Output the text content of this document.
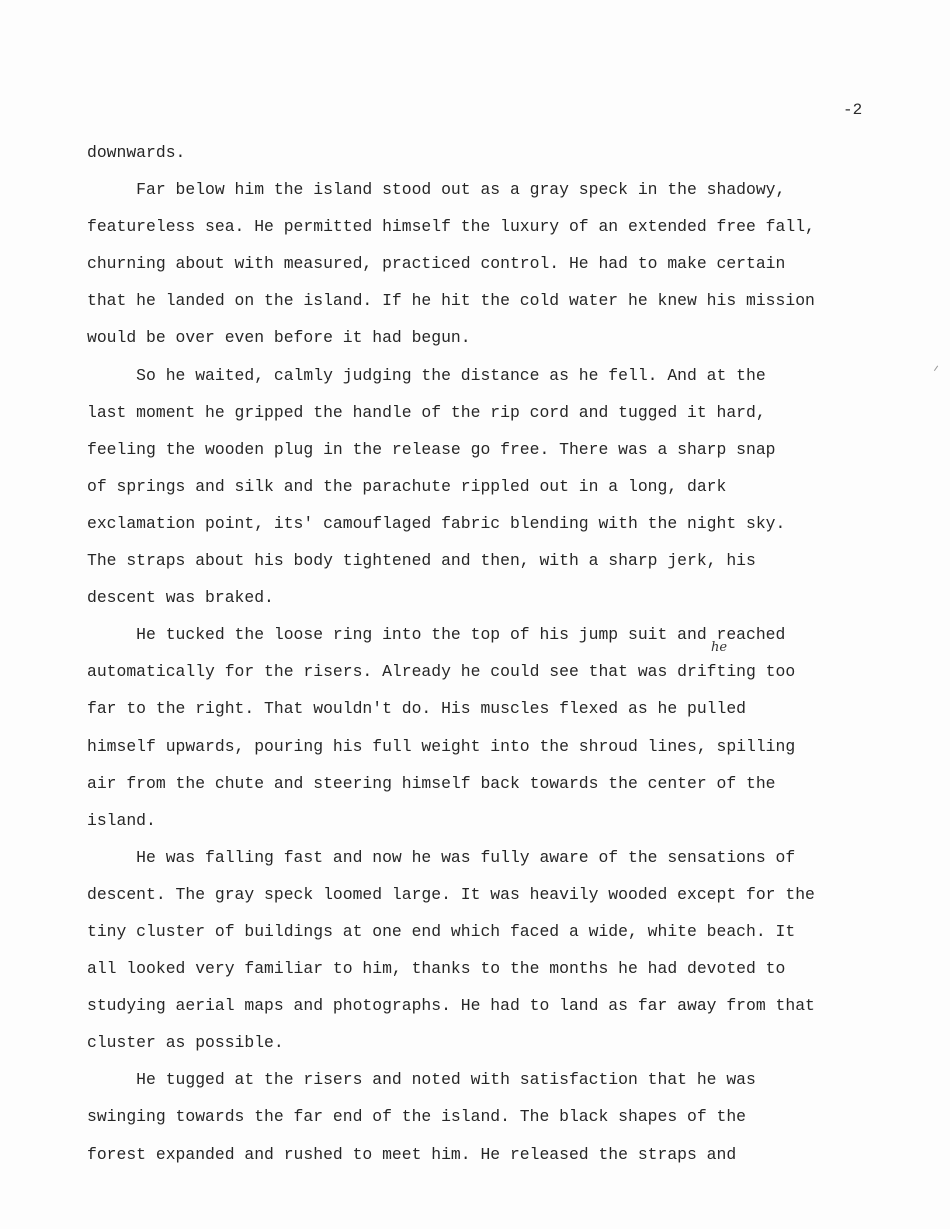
-2
downwards.
Far below him the island stood out as a gray speck in the shadowy,
featureless sea. He permitted himself the luxury of an extended free fall,
churning about with measured, practiced control. He had to make certain
that he landed on the island. If he hit the cold water he knew his mission
would be over even before it had begun.
So he waited, calmly judging the distance as he fell. And at the
last moment he gripped the handle of the rip cord and tugged it hard,
feeling the wooden plug in the release go free. There was a sharp snap
of springs and silk and the parachute rippled out in a long, dark
exclamation point, its' camouflaged fabric blending with the night sky.
The straps about his body tightened and then, with a sharp jerk, his
descent was braked.
He tucked the loose ring into the top of his jump suit and reached
automatically for the risers. Already he could see that was drifting too
far to the right. That wouldn't do. His muscles flexed as he pulled
himself upwards, pouring his full weight into the shroud lines, spilling
air from the chute and steering himself back towards the center of the
island.
He was falling fast and now he was fully aware of the sensations of
descent. The gray speck loomed large. It was heavily wooded except for the
tiny cluster of buildings at one end which faced a wide, white beach. It
all looked very familiar to him, thanks to the months he had devoted to
studying aerial maps and photographs. He had to land as far away from that
cluster as possible.
He tugged at the risers and noted with satisfaction that he was
swinging towards the far end of the island. The black shapes of the
forest expanded and rushed to meet him. He released the straps and
he
